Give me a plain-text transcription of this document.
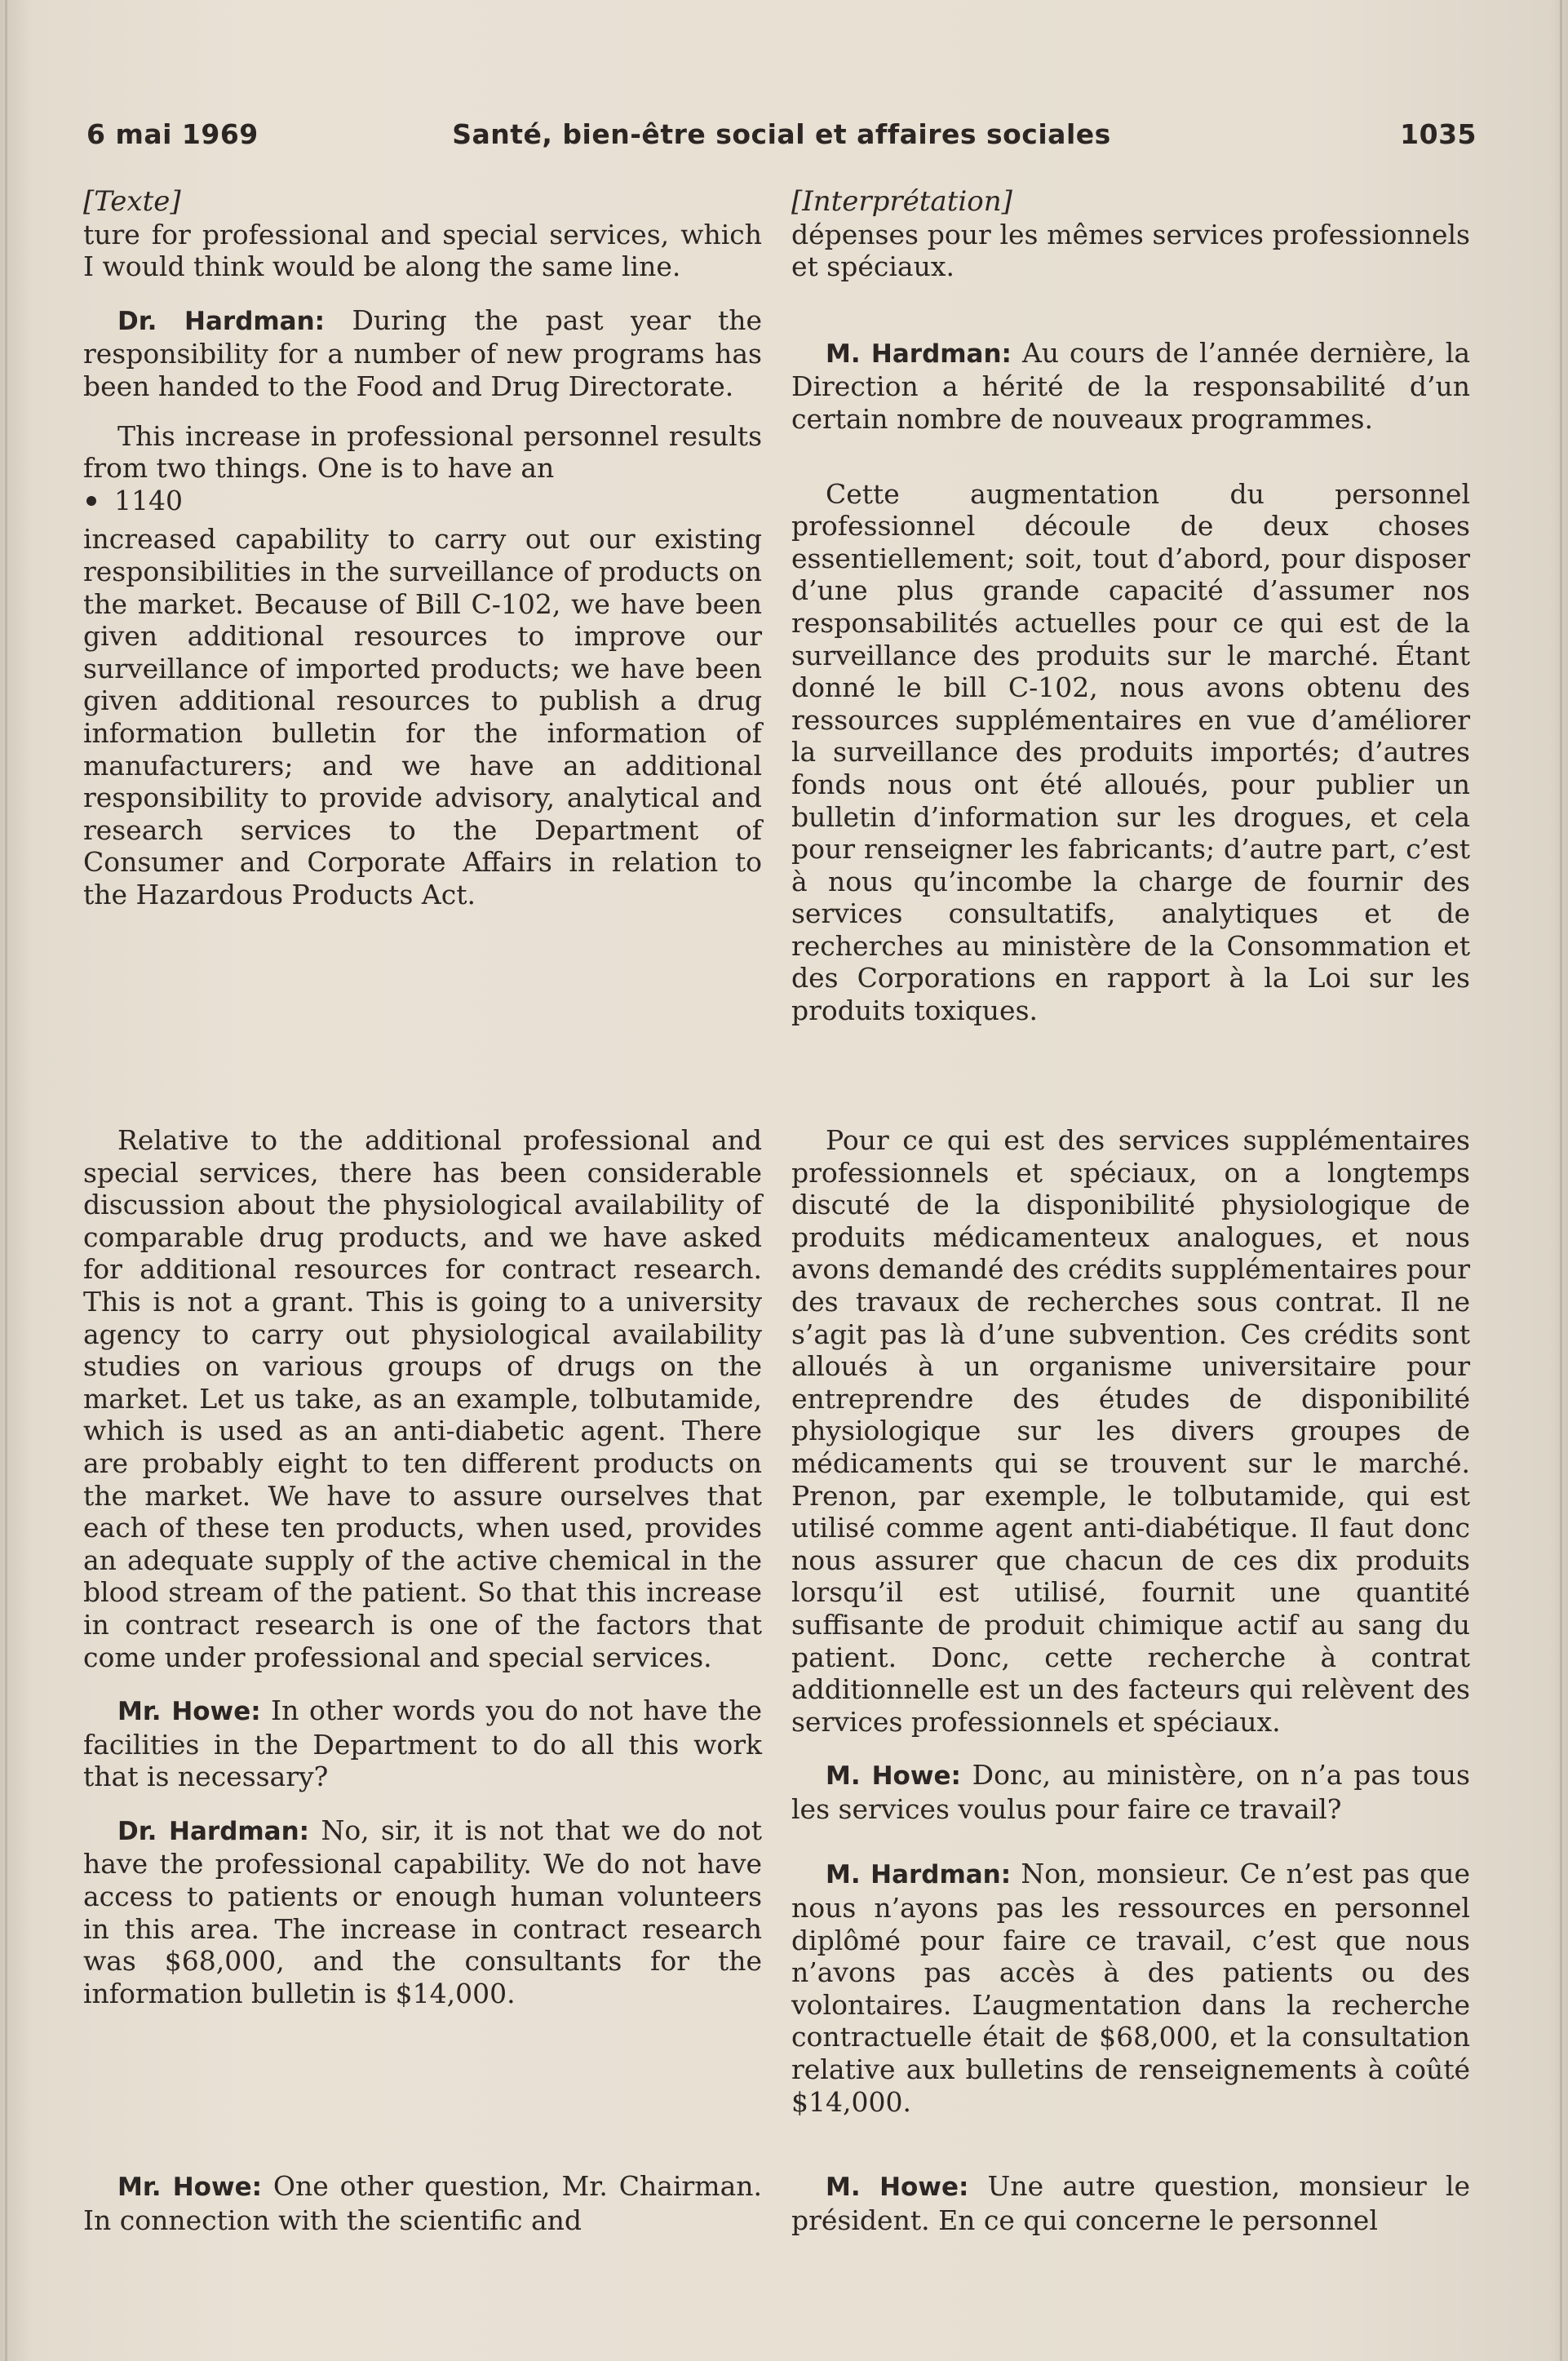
6 mai 1969	Santé, bien-être social et affaires sociales	1035

[Texte]

ture for professional and special services, which I would think would be along the same line.

Dr. Hardman: During the past year the responsibility for a number of new programs has been handed to the Food and Drug Directorate.

This increase in professional personnel results from two things. One is to have an

1140

increased capability to carry out our existing responsibilities in the surveillance of products on the market. Because of Bill C-102, we have been given additional resources to improve our surveillance of imported products; we have been given additional resources to publish a drug information bulletin for the information of manufacturers; and we have an additional responsibility to provide advisory, analytical and research services to the Department of Consumer and Corporate Affairs in relation to the Hazardous Products Act.

Relative to the additional professional and special services, there has been considerable discussion about the physiological availability of comparable drug products, and we have asked for additional resources for contract research. This is not a grant. This is going to a university agency to carry out physiological availability studies on various groups of drugs on the market. Let us take, as an example, tolbutamide, which is used as an anti-diabetic agent. There are probably eight to ten different products on the market. We have to assure ourselves that each of these ten products, when used, provides an adequate supply of the active chemical in the blood stream of the patient. So that this increase in contract research is one of the factors that come under professional and special services.

Mr. Howe: In other words you do not have the facilities in the Department to do all this work that is necessary?

Dr. Hardman: No, sir, it is not that we do not have the professional capability. We do not have access to patients or enough human volunteers in this area. The increase in contract research was $68,000, and the consultants for the information bulletin is $14,000.

Mr. Howe: One other question, Mr. Chairman. In connection with the scientific and

[Interprétation]

dépenses pour les mêmes services professionnels et spéciaux.

M. Hardman: Au cours de l’année dernière, la Direction a hérité de la responsabilité d’un certain nombre de nouveaux programmes.

Cette augmentation du personnel professionnel découle de deux choses essentiellement; soit, tout d’abord, pour disposer d’une plus grande capacité d’assumer nos responsabilités actuelles pour ce qui est de la surveillance des produits sur le marché. Étant donné le bill C-102, nous avons obtenu des ressources supplémentaires en vue d’améliorer la surveillance des produits importés; d’autres fonds nous ont été alloués, pour publier un bulletin d’information sur les drogues, et cela pour renseigner les fabricants; d’autre part, c’est à nous qu’incombe la charge de fournir des services consultatifs, analytiques et de recherches au ministère de la Consommation et des Corporations en rapport à la Loi sur les produits toxiques.

Pour ce qui est des services supplémentaires professionnels et spéciaux, on a longtemps discuté de la disponibilité physiologique de produits médicamenteux analogues, et nous avons demandé des crédits supplémentaires pour des travaux de recherches sous contrat. Il ne s’agit pas là d’une subvention. Ces crédits sont alloués à un organisme universitaire pour entreprendre des études de disponibilité physiologique sur les divers groupes de médicaments qui se trouvent sur le marché. Prenon, par exemple, le tolbutamide, qui est utilisé comme agent anti-diabétique. Il faut donc nous assurer que chacun de ces dix produits lorsqu’il est utilisé, fournit une quantité suffisante de produit chimique actif au sang du patient. Donc, cette recherche à contrat additionnelle est un des facteurs qui relèvent des services professionnels et spéciaux.

M. Howe: Donc, au ministère, on n’a pas tous les services voulus pour faire ce travail?

M. Hardman: Non, monsieur. Ce n’est pas que nous n’ayons pas les ressources en personnel diplômé pour faire ce travail, c’est que nous n’avons pas accès à des patients ou des volontaires. L’augmentation dans la recherche contractuelle était de $68,000, et la consultation relative aux bulletins de renseignements à coûté $14,000.

M. Howe: Une autre question, monsieur le président. En ce qui concerne le personnel
